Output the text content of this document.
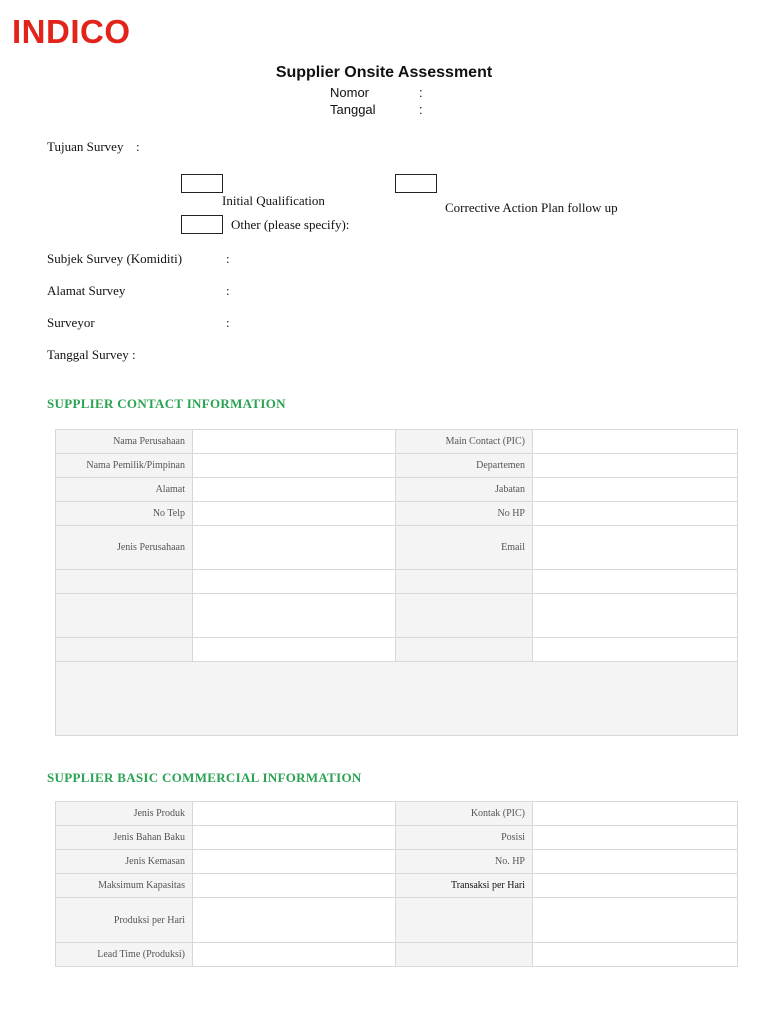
INDICO
Supplier Onsite Assessment
Nomor	:
Tanggal	:
Tujuan Survey :
Initial Qualification	Corrective Action Plan follow up
Other (please specify):
Subjek Survey (Komiditi)	:
Alamat Survey	:
Surveyor	:
Tanggal Survey :
SUPPLIER CONTACT INFORMATION
Nama Perusahaan		Main Contact (PIC)	
Nama Pemilik/Pimpinan		Departemen	
Alamat		Jabatan	
No Telp		No HP	
Jenis Perusahaan		Email	

SUPPLIER BASIC COMMERCIAL INFORMATION
Jenis Produk		Kontak (PIC)	
Jenis Bahan Baku		Posisi	
Jenis Kemasan		No. HP	
Maksimum Kapasitas		Transaksi per Hari	
Produksi per Hari			
Lead Time (Produksi)			
